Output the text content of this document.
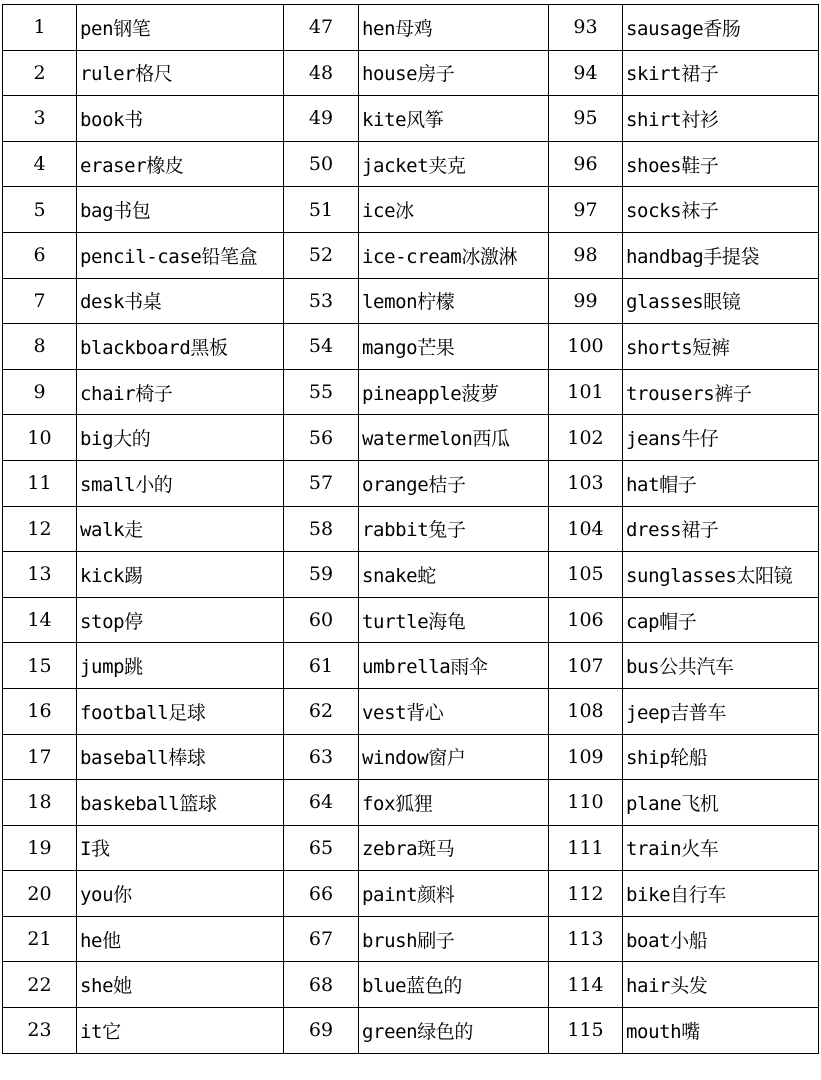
1	pen钢笔	47	hen母鸡	93	sausage香肠
2	ruler格尺	48	house房子	94	skirt裙子
3	book书	49	kite风筝	95	shirt衬衫
4	eraser橡皮	50	jacket夹克	96	shoes鞋子
5	bag书包	51	ice冰	97	socks袜子
6	pencil-case铅笔盒	52	ice-cream冰激淋	98	handbag手提袋
7	desk书桌	53	lemon柠檬	99	glasses眼镜
8	blackboard黑板	54	mango芒果	100	shorts短裤
9	chair椅子	55	pineapple菠萝	101	trousers裤子
10	big大的	56	watermelon西瓜	102	jeans牛仔
11	small小的	57	orange桔子	103	hat帽子
12	walk走	58	rabbit兔子	104	dress裙子
13	kick踢	59	snake蛇	105	sunglasses太阳镜
14	stop停	60	turtle海龟	106	cap帽子
15	jump跳	61	umbrella雨伞	107	bus公共汽车
16	football足球	62	vest背心	108	jeep吉普车
17	baseball棒球	63	window窗户	109	ship轮船
18	baskeball篮球	64	fox狐狸	110	plane飞机
19	I我	65	zebra斑马	111	train火车
20	you你	66	paint颜料	112	bike自行车
21	he他	67	brush刷子	113	boat小船
22	she她	68	blue蓝色的	114	hair头发
23	it它	69	green绿色的	115	mouth嘴
